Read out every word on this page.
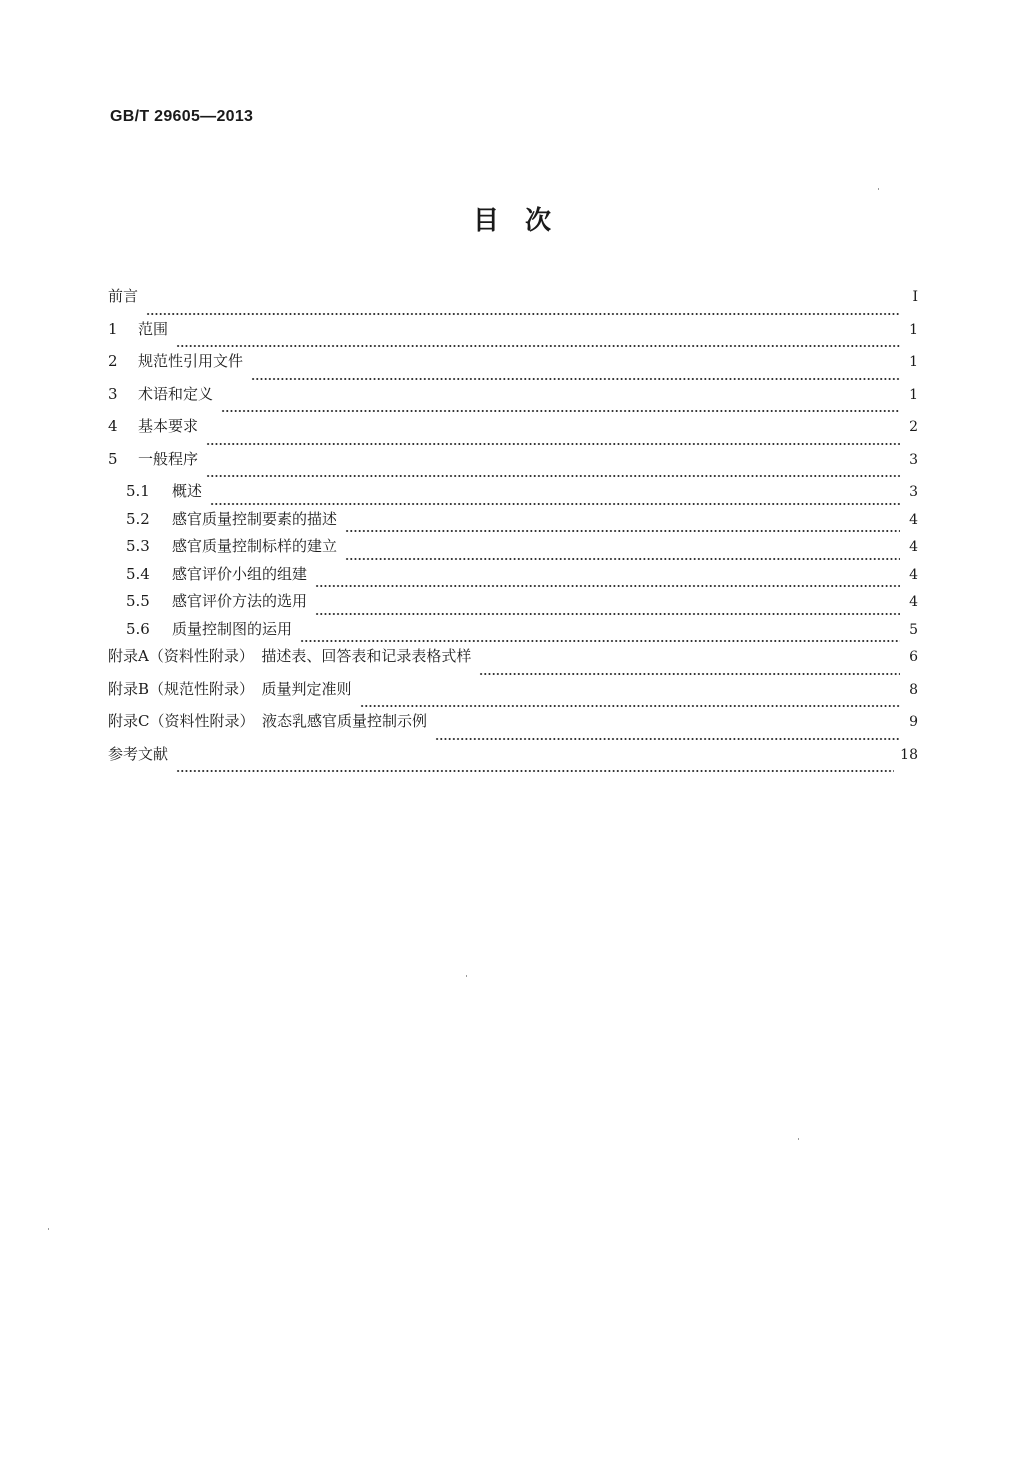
GB/T 29605—2013
目　次
前言	Ⅰ
1	范围	1
2	规范性引用文件	1
3	术语和定义	1
4	基本要求	2
5	一般程序	3
5.1	概述	3
5.2	感官质量控制要素的描述	4
5.3	感官质量控制标样的建立	4
5.4	感官评价小组的组建	4
5.5	感官评价方法的选用	4
5.6	质量控制图的运用	5
附录A（资料性附录）　描述表、回答表和记录表格式样	6
附录B（规范性附录）　质量判定准则	8
附录C（资料性附录）　液态乳感官质量控制示例	9
参考文献	18
